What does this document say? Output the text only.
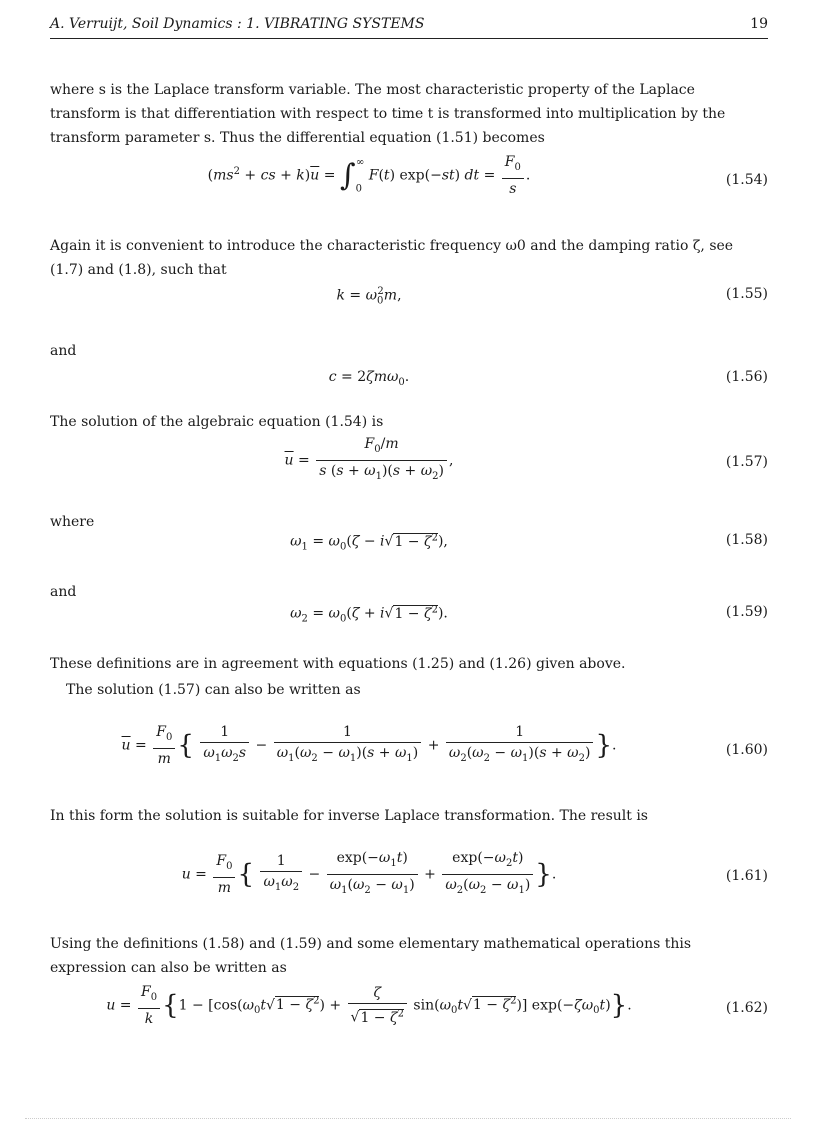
A. Verruijt, Soil Dynamics : 1. VIBRATING SYSTEMS	19
where s is the Laplace transform variable. The most characteristic property of the Laplace transform is that differentiation with respect to time t is transformed into multiplication by the transform parameter s. Thus the differential equation (1.51) becomes
($ms^2$ + cs + $k)\overline{u} = \int_0^\infty$ F(t) exp(−st) dt = $\frac{F_0}{s}$ .	(1.54)
Again it is convenient to introduce the characteristic frequency ω0 and the damping ratio ζ, see (1.7) and (1.8), such that
$k = \omega_0^2m$,	(1.55)
and
c = 2ζmω$_0$.	(1.56)
The solution of the algebraic equation (1.54) is
$\overline{u} = \frac{F_0/m}{s (s + \omega_1)(s + \omega_2)}$ ,	(1.57)
where
$\omega_1 = \omega_0(\zeta - i√1 - \zeta^2)$,	(1.58)
and
$\omega_2 = \omega_0(\zeta + i√1 - \zeta^2)$.	(1.59)
These definitions are in agreement with equations (1.25) and (1.26) given above.
The solution (1.57) can also be written as
$\overline{u} = \frac{F_0}{m}$ { $\frac{1}{\omega_1\omega_2s} - \frac{1}{\omega_1(\omega_2 - \omega_1)(s + \omega_1)} + \frac{1}{\omega_2(\omega_2 - \omega_1)(s + \omega_2)}$ }.	(1.60)
In this form the solution is suitable for inverse Laplace transformation. The result is
$u = \frac{F_0}{m}$ { $\frac{1}{\omega_1\omega_2} - \frac{\exp(-\omega_1t)}{\omega_1(\omega_2 - \omega_1)} + \frac{\exp(-\omega_2t)}{\omega_2(\omega_2 - \omega_1)}$ }.	(1.61)
Using the definitions (1.58) and (1.59) and some elementary mathematical operations this expression can also be written as
$u = \frac{F_0}{k} \{1 - [\cos(\omega_0t√1 - \zeta^2) + \frac{\zeta}{√1 - \zeta^2} \sin(\omega_0t√1 - \zeta^2)]$ $\exp(-\zeta\omega_0t)$}.	(1.62)
